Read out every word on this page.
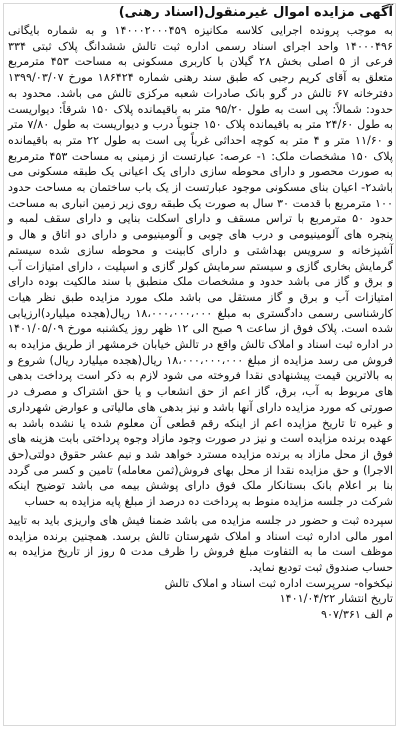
آگهی مزایده اموال غیرمنقول(اسناد رهنی)

به موجب پرونده اجرایی کلاسه مکانیزه ۱۴۰۰۰۲۰۰۰۴۵۹ و به شماره بایگانی ۱۴۰۰۰۴۹۶ واحد اجرای اسناد رسمی اداره ثبت تالش ششدانگ پلاک ثبتی ۳۳۴ فرعی از ۵ اصلی بخش ۲۸ گیلان با کاربری مسکونی به مساحت ۴۵۳ مترمربع متعلق به آقای کریم رجبی که طبق سند رهنی شماره ۱۸۶۴۲۴ مورخ ۱۳۹۹/۰۳/۰۷ دفترخانه ۶۷ تالش در گرو بانک صادرات شعبه مرکزی تالش می باشد. محدود به حدود: شمالاً: پی است به طول ۹۵/۲۰ متر به باقیمانده پلاک ۱۵۰ شرقاً: دیواریست به طول ۲۴/۶۰ متر به باقیمانده پلاک ۱۵۰ جنوباً درب و دیواریست به طول ۷/۸۰ متر و ۱۱/۶۰ متر و ۴ متر به کوچه احداثی غرباً پی است به طول ۲۲ متر به باقیمانده پلاک ۱۵۰ مشخصات ملک: ۱- عرصه: عبارتست از زمینی به مساحت ۴۵۳ مترمربع به صورت محصور و دارای محوطه سازی دارای یک اعیانی یک طبقه مسکونی می باشد۲- اعیان بنای مسکونی موجود عبارتست از یک باب ساختمان به مساحت حدود ۱۰۰ مترمربع با قدمت ۳۰ سال به صورت یک طبقه روی زیر زمین انباری به مساحت حدود ۵۰ مترمربع با تراس مسقف و دارای اسکلت بنایی و دارای سقف لمبه و پنجره های آلومینیومی و درب های چوبی و آلومینیومی و دارای دو اتاق و هال و آشپزخانه و سرویس بهداشتی و دارای کابینت و محوطه سازی شده سیستم گرمایش بخاری گازی و سیستم سرمایش کولر گازی و اسپلیت ، دارای امتیازات آب و برق و گاز می باشد حدود و مشخصات ملک منطبق با سند مالکیت بوده دارای امتیازات آب و برق و گاز مستقل می باشد ملک مورد مزایده طبق نظر هیات کارشناسی رسمی دادگستری به مبلغ ۱۸،۰۰۰،۰۰۰،۰۰۰ ریال(هجده میلیارد)ارزیابی شده است. پلاک فوق از ساعت ۹ صبح الی ۱۲ ظهر روز یکشنبه مورخ ۱۴۰۱/۰۵/۰۹ در اداره ثبت اسناد و املاک تالش واقع در تالش خیابان خرمشهر از طریق مزایده به فروش می رسد مزایده از مبلغ ۱۸،۰۰۰،۰۰۰،۰۰۰ ریال(هجده میلیارد ریال) شروع و به بالاترین قیمت پیشنهادی نقدا فروخته می شود لازم به ذکر است پرداخت بدهی های مربوط به آب، برق، گاز اعم از حق انشعاب و یا حق اشتراک و مصرف در صورتی که مورد مزایده دارای آنها باشد و نیز بدهی های مالیاتی و عوارض شهرداری و غیره تا تاریخ مزایده اعم از اینکه رقم قطعی آن معلوم شده یا نشده باشد به عهده برنده مزایده است و نیز در صورت وجود مازاد وجوه پرداختی بابت هزینه های فوق از محل مازاد به برنده مزایده مسترد خواهد شد و نیم عشر حقوق دولتی(حق الاجرا) و حق مزایده نقدا از محل بهای فروش(ثمن معامله) تامین و کسر می گردد بنا بر اعلام بانک بستانکار ملک فوق دارای پوشش بیمه می باشد توضیح اینکه شرکت در جلسه مزایده منوط به پرداخت ده درصد از مبلغ پایه مزایده به حساب

سپرده ثبت و حضور در جلسه مزایده می باشد ضمنا فیش های واریزی باید به تایید امور مالی اداره ثبت اسناد و املاک شهرستان تالش برسد. همچنین برنده مزایده موظف است ما به التفاوت مبلغ فروش را ظرف مدت ۵ روز از تاریخ مزایده به حساب صندوق ثبت تودیع نماید.

نیکخواه- سرپرست اداره ثبت اسناد و املاک تالش

تاریخ انتشار ۱۴۰۱/۰۴/۲۲

م الف ۹۰۷/۳۶۱
